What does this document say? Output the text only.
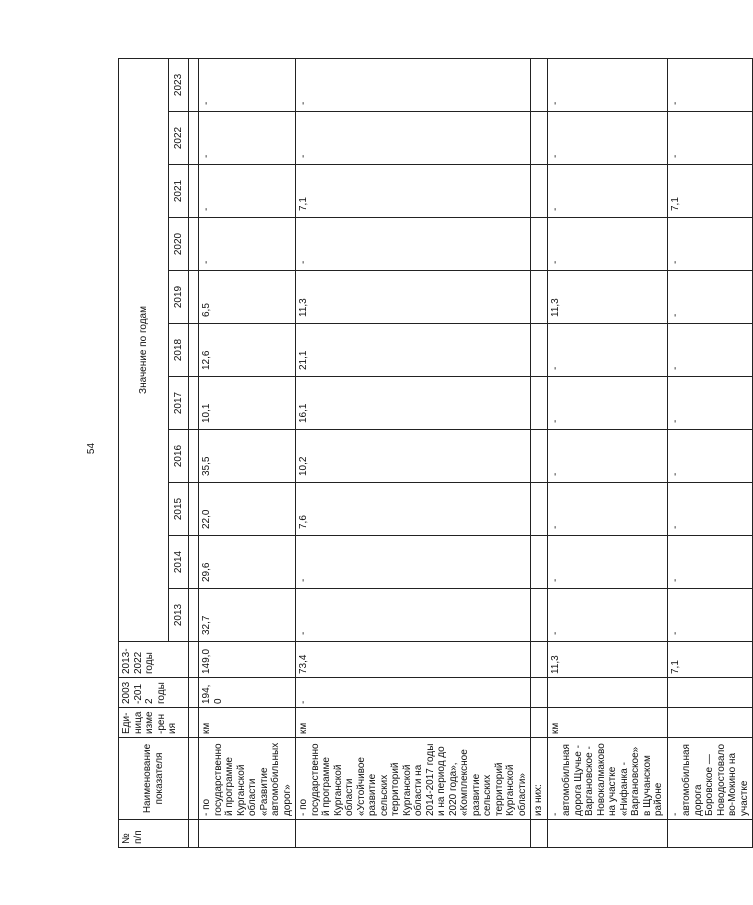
54
№ п/п	Наименование показателя	Еди-ница изме-рения	2003-2012 годы	2013-2022 годы	Значение по годам										
					2013	2014	2015	2016	2017	2018	2019	2020	2021	2022	2023

	- по государственной программе Курганской области «Развитие автомобильных дорог»	км	194,0	149,0	32,7	29,6	22,0	35,5	10,1	12,6	6,5	-	-	-	-
	- по государственной программе Курганской области «Устойчивое развитие сельских территорий Курганской области на 2014-2017 годы и на период до 2020 года», «Комплексное развитие сельских территорий Курганской области»	км	-	73,4	-	-	7,6	10,2	16,1	21,1	11,3	-	7,1	-	-
	из них:														
	- автомобильная дорога Щучье - Варгановское - Новокалмаково на участке «Нифанка - Варгановское» в Щучанском районе	км		11,3	-	-	-	-	-	-	11,3	-	-	-	-
	- автомобильная дорога Боровское — Новодостовалово-Мокино на участке			7,1	-	-	-	-	-	-	-	-	7,1	-	-
